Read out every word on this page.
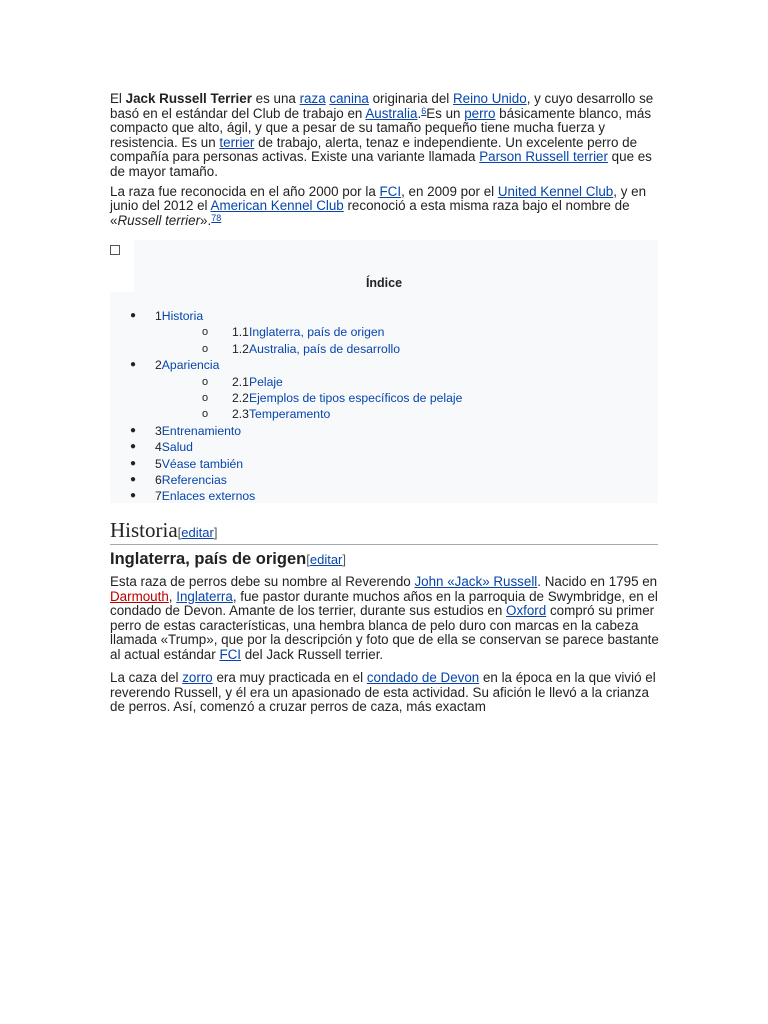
El Jack Russell Terrier es una raza canina originaria del Reino Unido, y cuyo desarrollo se basó en el estándar del Club de trabajo en Australia.$^6$Es un perro básicamente blanco, más compacto que alto, ágil, y que a pesar de su tamaño pequeño tiene mucha fuerza y resistencia. Es un terrier de trabajo, alerta, tenaz e independiente. Un excelente perro de compañía para personas activas. Existe una variante llamada Parson Russell terrier que es de mayor tamaño.

La raza fue reconocida en el año 2000 por la FCI, en 2009 por el United Kennel Club, y en junio del 2012 el American Kennel Club reconoció a esta misma raza bajo el nombre de «Russell terrier».$^{78}$

Índice
● 1Historia
o 1.1Inglaterra, país de origen
o 1.2Australia, país de desarrollo
● 2Apariencia
o 2.1Pelaje
o 2.2Ejemplos de tipos específicos de pelaje
o 2.3Temperamento
● 3Entrenamiento
● 4Salud
● 5Véase también
● 6Referencias
● 7Enlaces externos
Historia[editar]
Inglaterra, país de origen[editar]

Esta raza de perros debe su nombre al Reverendo John «Jack» Russell. Nacido en 1795 en Darmouth, Inglaterra, fue pastor durante muchos años en la parroquia de Swymbridge, en el condado de Devon. Amante de los terrier, durante sus estudios en Oxford compró su primer perro de estas características, una hembra blanca de pelo duro con marcas en la cabeza llamada «Trump», que por la descripción y foto que de ella se conservan se parece bastante al actual estándar FCI del Jack Russell terrier.

La caza del zorro era muy practicada en el condado de Devon en la época en la que vivió el reverendo Russell, y él era un apasionado de esta actividad. Su afición le llevó a la crianza de perros. Así, comenzó a cruzar perros de caza, más exactam
